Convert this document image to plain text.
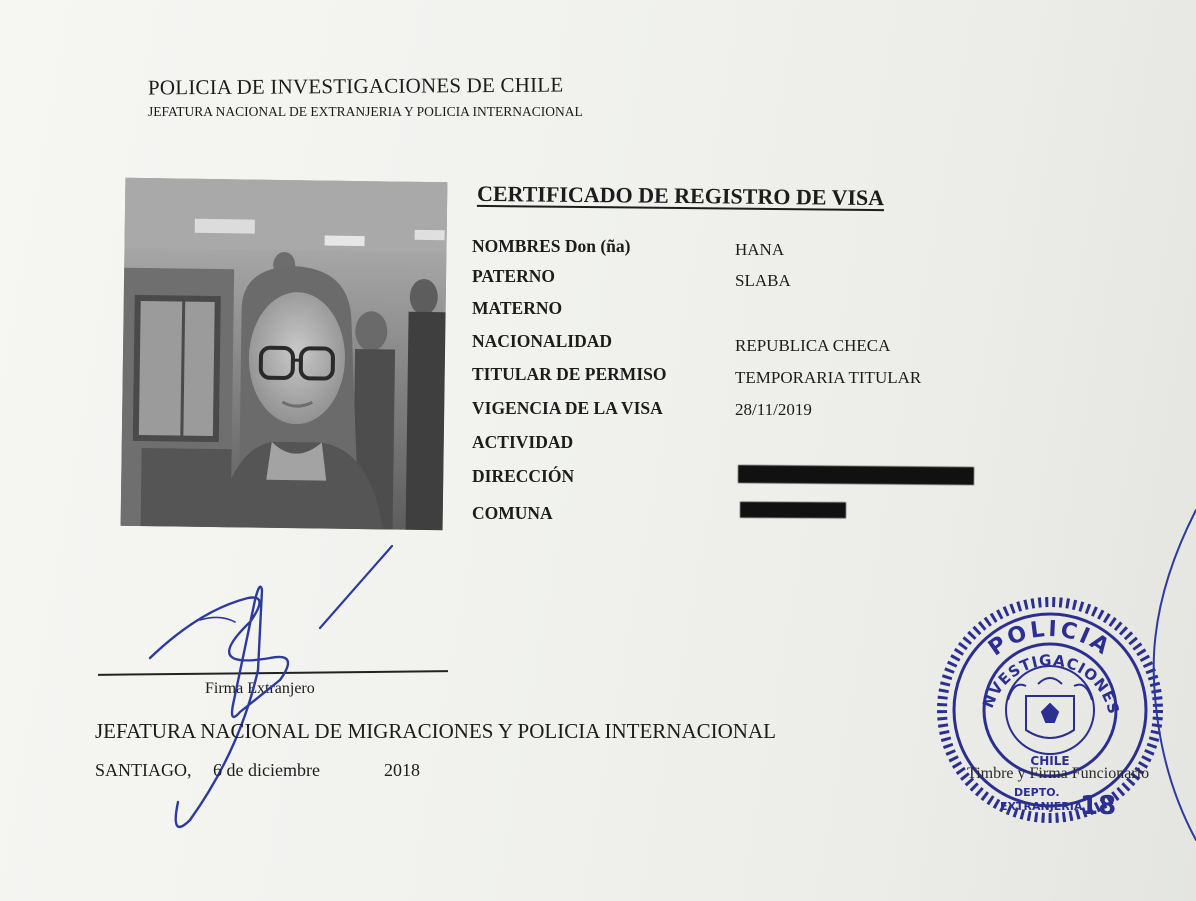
POLICIA DE INVESTIGACIONES DE CHILE
JEFATURA NACIONAL DE EXTRANJERIA Y POLICIA INTERNACIONAL
CERTIFICADO DE REGISTRO DE VISA
NOMBRES Don (ña)	HANA
PATERNO	SLABA
MATERNO
NACIONALIDAD	REPUBLICA CHECA
TITULAR DE PERMISO	TEMPORARIA TITULAR
VIGENCIA DE LA VISA	28/11/2019
ACTIVIDAD
DIRECCIÓN
COMUNA
Firma Extranjero
JEFATURA NACIONAL DE MIGRACIONES Y POLICIA INTERNACIONAL
SANTIAGO, 6 de diciembre	2018
POLICIA
INVESTIGACIONES
CHILE
DEPTO.
EXTRANJERIA
18
Timbre y Firma Funcionario
